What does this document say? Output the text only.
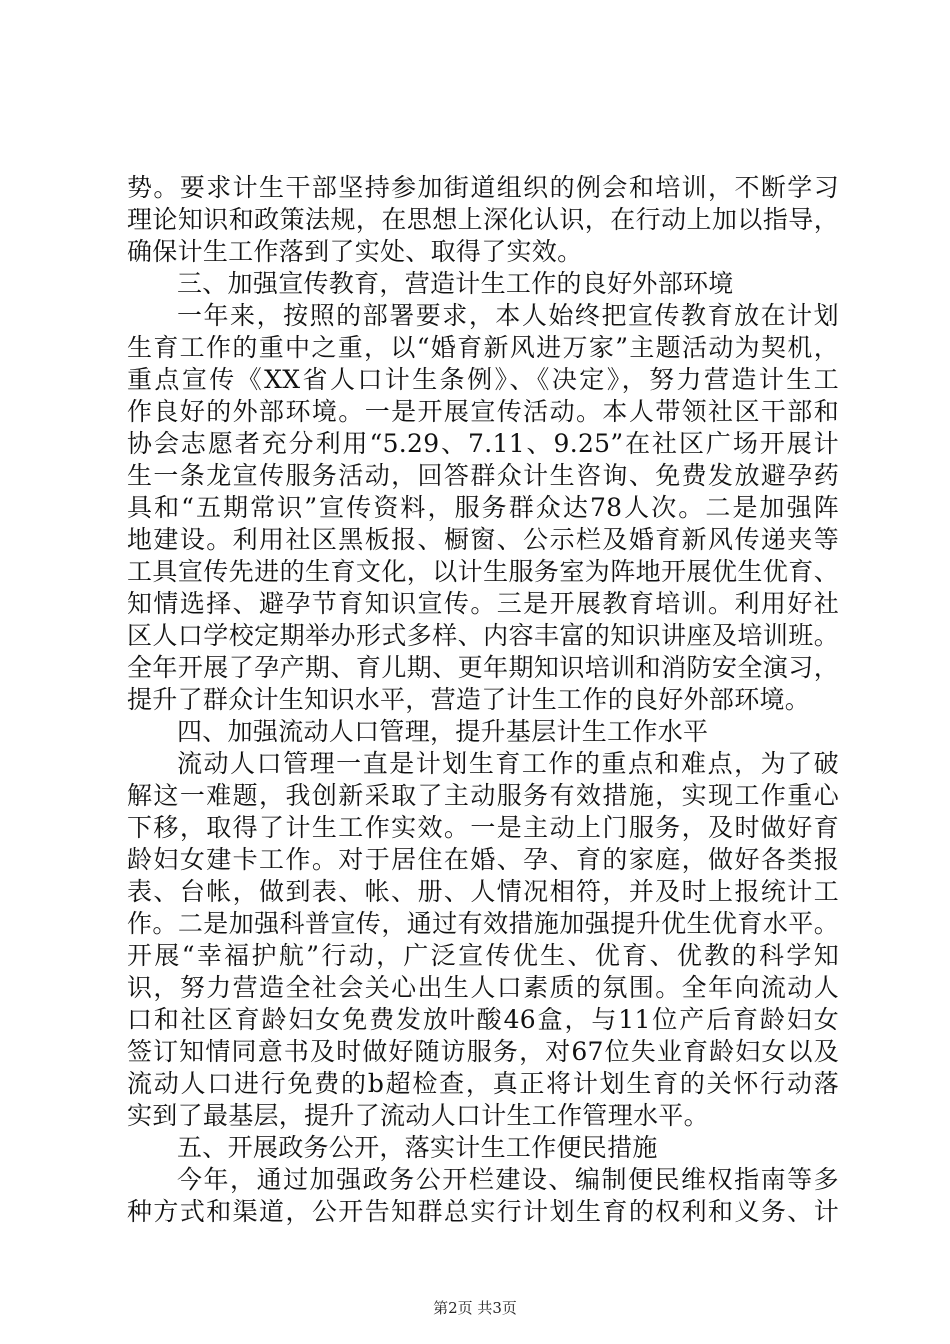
势。要求计生干部坚持参加街道组织的例会和培训，不断学习
理论知识和政策法规，在思想上深化认识，在行动上加以指导，
确保计生工作落到了实处、取得了实效。
三、加强宣传教育，营造计生工作的良好外部环境
一年来，按照的部署要求，本人始终把宣传教育放在计划
生育工作的重中之重，以“婚育新风进万家”主题活动为契机，
重点宣传《XX省人口计生条例》、《决定》，努力营造计生工
作良好的外部环境。一是开展宣传活动。本人带领社区干部和
协会志愿者充分利用“5.29、7.11、9.25”在社区广场开展计
生一条龙宣传服务活动，回答群众计生咨询、免费发放避孕药
具和“五期常识”宣传资料，服务群众达78人次。二是加强阵
地建设。利用社区黑板报、橱窗、公示栏及婚育新风传递夹等
工具宣传先进的生育文化，以计生服务室为阵地开展优生优育、
知情选择、避孕节育知识宣传。三是开展教育培训。利用好社
区人口学校定期举办形式多样、内容丰富的知识讲座及培训班。
全年开展了孕产期、育儿期、更年期知识培训和消防安全演习，
提升了群众计生知识水平，营造了计生工作的良好外部环境。
四、加强流动人口管理，提升基层计生工作水平
流动人口管理一直是计划生育工作的重点和难点，为了破
解这一难题，我创新采取了主动服务有效措施，实现工作重心
下移，取得了计生工作实效。一是主动上门服务，及时做好育
龄妇女建卡工作。对于居住在婚、孕、育的家庭，做好各类报
表、台帐，做到表、帐、册、人情况相符，并及时上报统计工
作。二是加强科普宣传，通过有效措施加强提升优生优育水平。
开展“幸福护航”行动，广泛宣传优生、优育、优教的科学知
识，努力营造全社会关心出生人口素质的氛围。全年向流动人
口和社区育龄妇女免费发放叶酸46盒，与11位产后育龄妇女
签订知情同意书及时做好随访服务，对67位失业育龄妇女以及
流动人口进行免费的b超检查，真正将计划生育的关怀行动落
实到了最基层，提升了流动人口计生工作管理水平。
五、开展政务公开，落实计生工作便民措施
今年，通过加强政务公开栏建设、编制便民维权指南等多
种方式和渠道，公开告知群总实行计划生育的权利和义务、计
第2页 共3页
